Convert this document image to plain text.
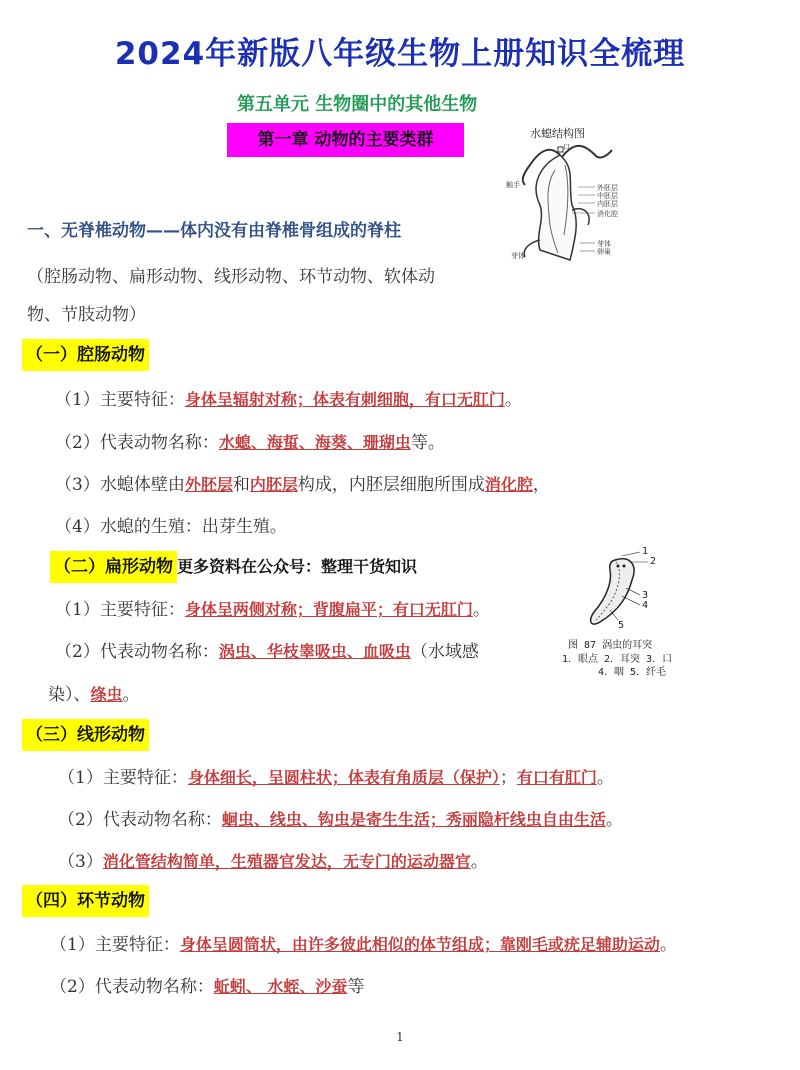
2024年新版八年级生物上册知识全梳理
第五单元 生物圈中的其他生物
第一章 动物的主要类群	水螅结构图
触手
口
外胚层
中胚层
内胚层
消化腔
芽体
芽体	卵巢
一、无脊椎动物——体内没有由脊椎骨组成的脊柱
（腔肠动物、扁形动物、线形动物、环节动物、软体动
物、节肢动物）
（一）腔肠动物
（1）主要特征：身体呈辐射对称；体表有刺细胞，有口无肛门。
（2）代表动物名称：水螅、海蜇、海葵、珊瑚虫等。
（3）水螅体壁由外胚层和内胚层构成，内胚层细胞所围成消化腔，
（4）水螅的生殖：出芽生殖。
（二）扁形动物 更多资料在公众号：整理干货知识
（1）主要特征：身体呈两侧对称；背腹扁平；有口无肛门。
（2）代表动物名称：涡虫、华枝睾吸虫、血吸虫（水域感
染）、绦虫。
1
2
3
4
5
图 87 涡虫的耳突
1．眼点 2．耳突 3．口
4．咽 5．纤毛
（三）线形动物
（1）主要特征：身体细长，呈圆柱状；体表有角质层（保护）；有口有肛门。
（2）代表动物名称：蛔虫、线虫、钩虫是寄生生活；秀丽隐杆线虫自由生活。
（3）消化管结构简单，生殖器官发达，无专门的运动器官。
（四）环节动物
（1）主要特征：身体呈圆筒状，由许多彼此相似的体节组成；靠刚毛或疣足辅助运动。
（2）代表动物名称：蚯蚓、 水蛭、沙蚕等
1
